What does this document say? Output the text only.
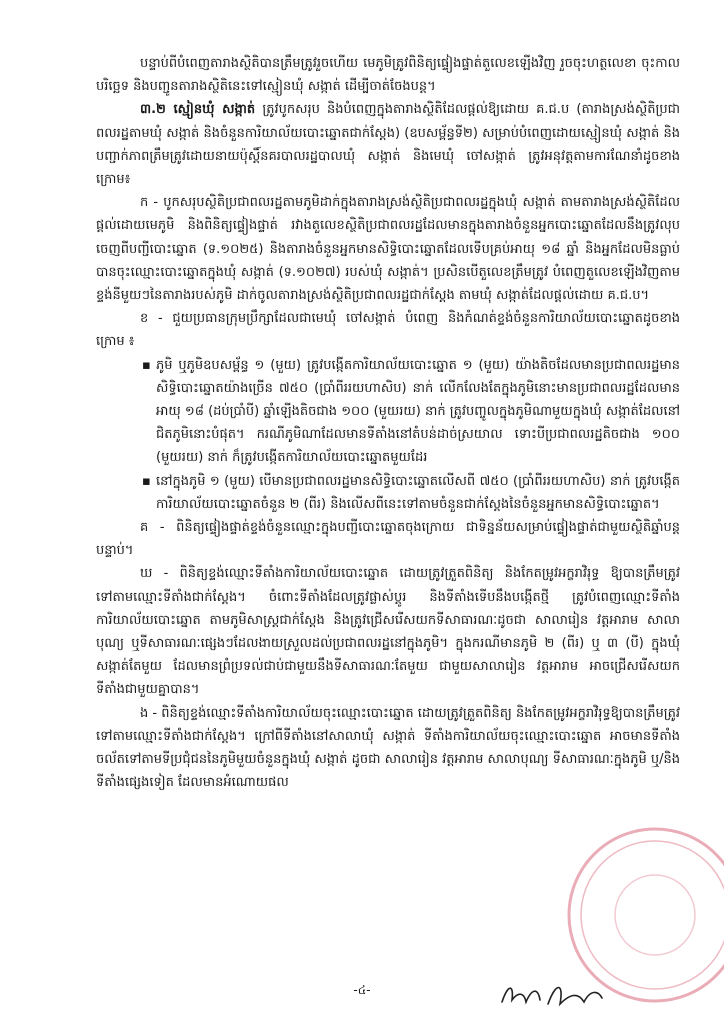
បន្ទាប់ពីបំពេញតារាងស្ថិតិបានត្រឹមត្រូវរួចហើយ មេភូមិត្រូវពិនិត្យផ្ទៀងផ្ទាត់តួលេខឡើងវិញ រួចចុះហត្ថលេខា ចុះកាលបរិច្ឆេទ និងបញ្ជូនតារាងស្ថិតិនេះទៅស្មៀនឃុំ សង្កាត់ ដើម្បីចាត់ចែងបន្ត។

៣.២ ស្មៀនឃុំ សង្កាត់ ត្រូវបូកសរុប និងបំពេញក្នុងតារាងស្ថិតិដែលផ្ដល់ឱ្យដោយ គ.ជ.ប (តារាងស្រង់ស្ថិតិប្រជាពលរដ្ឋតាមឃុំ សង្កាត់ និងចំនួនការិយាល័យបោះឆ្នោតជាក់ស្ដែង) (ឧបសម្ព័ន្ធទី២) សម្រាប់បំពេញដោយស្មៀនឃុំ សង្កាត់ និងបញ្ជាក់ភាពត្រឹមត្រូវដោយនាយប៉ុស្ដិ៍នគរបាលរដ្ឋបាលឃុំ សង្កាត់ និងមេឃុំ ចៅសង្កាត់ ត្រូវអនុវត្តតាមការណែនាំដូចខាងក្រោម៖

ក - បូកសរុបស្ថិតិប្រជាពលរដ្ឋតាមភូមិដាក់ក្នុងតារាងស្រង់ស្ថិតិប្រជាពលរដ្ឋក្នុងឃុំ សង្កាត់ តាមតារាងស្រង់ស្ថិតិដែលផ្ដល់ដោយមេភូមិ និងពិនិត្យផ្ទៀងផ្ទាត់ រវាងតួលេខស្ថិតិប្រជាពលរដ្ឋដែលមានក្នុងតារាងចំនួនអ្នកបោះឆ្នោតដែលនឹងត្រូវលុបចេញពីបញ្ជីបោះឆ្នោត (ទ.១០២៥) និងតារាងចំនួនអ្នកមានសិទ្ធិបោះឆ្នោតដែលទើបគ្រប់អាយុ ១៨ ឆ្នាំ និងអ្នកដែលមិនធ្លាប់បានចុះឈ្មោះបោះឆ្នោតក្នុងឃុំ សង្កាត់ (ទ.១០២៧) របស់ឃុំ សង្កាត់។ ប្រសិនបើតួលេខត្រឹមត្រូវ បំពេញតួលេខឡើងវិញតាមខ្ទង់នីមួយៗនៃតារាងរបស់ភូមិ ដាក់ចូលតារាងស្រង់ស្ថិតិប្រជាពលរដ្ឋជាក់ស្ដែង តាមឃុំ សង្កាត់ដែលផ្ដល់ដោយ គ.ជ.ប។

ខ - ជួយប្រធានក្រុមប្រឹក្សាដែលជាមេឃុំ ចៅសង្កាត់ បំពេញ និងកំណត់ខ្ទង់ចំនួនការិយាល័យបោះឆ្នោតដូចខាងក្រោម ៖

▪ ភូមិ ឬភូមិឧបសម្ព័ន្ធ ១ (មួយ) ត្រូវបង្កើតការិយាល័យបោះឆ្នោត ១ (មួយ) យ៉ាងតិចដែលមានប្រជាពលរដ្ឋមានសិទ្ធិបោះឆ្នោតយ៉ាងច្រើន ៧៥០ (ប្រាំពីររយហាសិប) នាក់ លើកលែងតែក្នុងភូមិនោះមានប្រជាពលរដ្ឋដែលមានអាយុ ១៨ (ដប់ប្រាំបី) ឆ្នាំឡើងតិចជាង ១០០ (មួយរយ) នាក់ ត្រូវបញ្ចូលក្នុងភូមិណាមួយក្នុងឃុំ សង្កាត់ដែលនៅជិតភូមិនោះបំផុត។ ករណីភូមិណាដែលមានទីតាំងនៅតំបន់ដាច់ស្រយាល ទោះបីប្រជាពលរដ្ឋតិចជាង ១០០ (មួយរយ) នាក់ ក៏ត្រូវបង្កើតការិយាល័យបោះឆ្នោតមួយដែរ
▪ នៅក្នុងភូមិ ១ (មួយ) បើមានប្រជាពលរដ្ឋមានសិទ្ធិបោះឆ្នោតលើសពី ៧៥០ (ប្រាំពីររយហាសិប) នាក់ ត្រូវបង្កើតការិយាល័យបោះឆ្នោតចំនួន ២ (ពីរ) និងលើសពីនេះទៅតាមចំនួនជាក់ស្ដែងនៃចំនួនអ្នកមានសិទ្ធិបោះឆ្នោត។

គ - ពិនិត្យផ្ទៀងផ្ទាត់ខ្ទង់ចំនួនឈ្មោះក្នុងបញ្ជីបោះឆ្នោតចុងក្រោយ ជាទិន្នន័យសម្រាប់ផ្ទៀងផ្ទាត់ជាមួយស្ថិតិឆ្នាំបន្តបន្ទាប់។

ឃ - ពិនិត្យខ្ទង់ឈ្មោះទីតាំងការិយាល័យបោះឆ្នោត ដោយត្រូវត្រួតពិនិត្យ និងកែតម្រូវអក្ខរាវិរុទ្ធ ឱ្យបានត្រឹមត្រូវទៅតាមឈ្មោះទីតាំងជាក់ស្ដែង។ ចំពោះទីតាំងដែលត្រូវផ្លាស់ប្ដូរ និងទីតាំងទើបនឹងបង្កើតថ្មី ត្រូវបំពេញឈ្មោះទីតាំងការិយាល័យបោះឆ្នោត តាមភូមិសាស្ត្រជាក់ស្ដែង និងត្រូវជ្រើសរើសយកទីសាធារណៈដូចជា សាលារៀន វត្តអារាម សាលាបុណ្យ ឬទីសាធារណៈផ្សេងៗដែលងាយស្រួលដល់ប្រជាពលរដ្ឋនៅក្នុងភូមិ។ ក្នុងករណីមានភូមិ ២ (ពីរ) ឬ ៣ (បី) ក្នុងឃុំ សង្កាត់តែមួយ ដែលមានព្រំប្រទល់ជាប់ជាមួយនឹងទីសាធារណៈតែមួយ ជាមួយសាលារៀន វត្តអារាម អាចជ្រើសរើសយកទីតាំងជាមួយគ្នាបាន។

ង - ពិនិត្យខ្ទង់ឈ្មោះទីតាំងការិយាល័យចុះឈ្មោះបោះឆ្នោត ដោយត្រូវត្រួតពិនិត្យ និងកែតម្រូវអក្ខរាវិរុទ្ធឱ្យបានត្រឹមត្រូវទៅតាមឈ្មោះទីតាំងជាក់ស្ដែង។ ក្រៅពីទីតាំងនៅសាលាឃុំ សង្កាត់ ទីតាំងការិយាល័យចុះឈ្មោះបោះឆ្នោត អាចមានទីតាំងចល័តទៅតាមទីប្រជុំជននៃភូមិមួយចំនួនក្នុងឃុំ សង្កាត់ ដូចជា សាលារៀន វត្តអារាម សាលាបុណ្យ ទីសាធារណៈក្នុងភូមិ ឬ/និងទីតាំងផ្សេងទៀត ដែលមានអំណោយផល

-៤-
